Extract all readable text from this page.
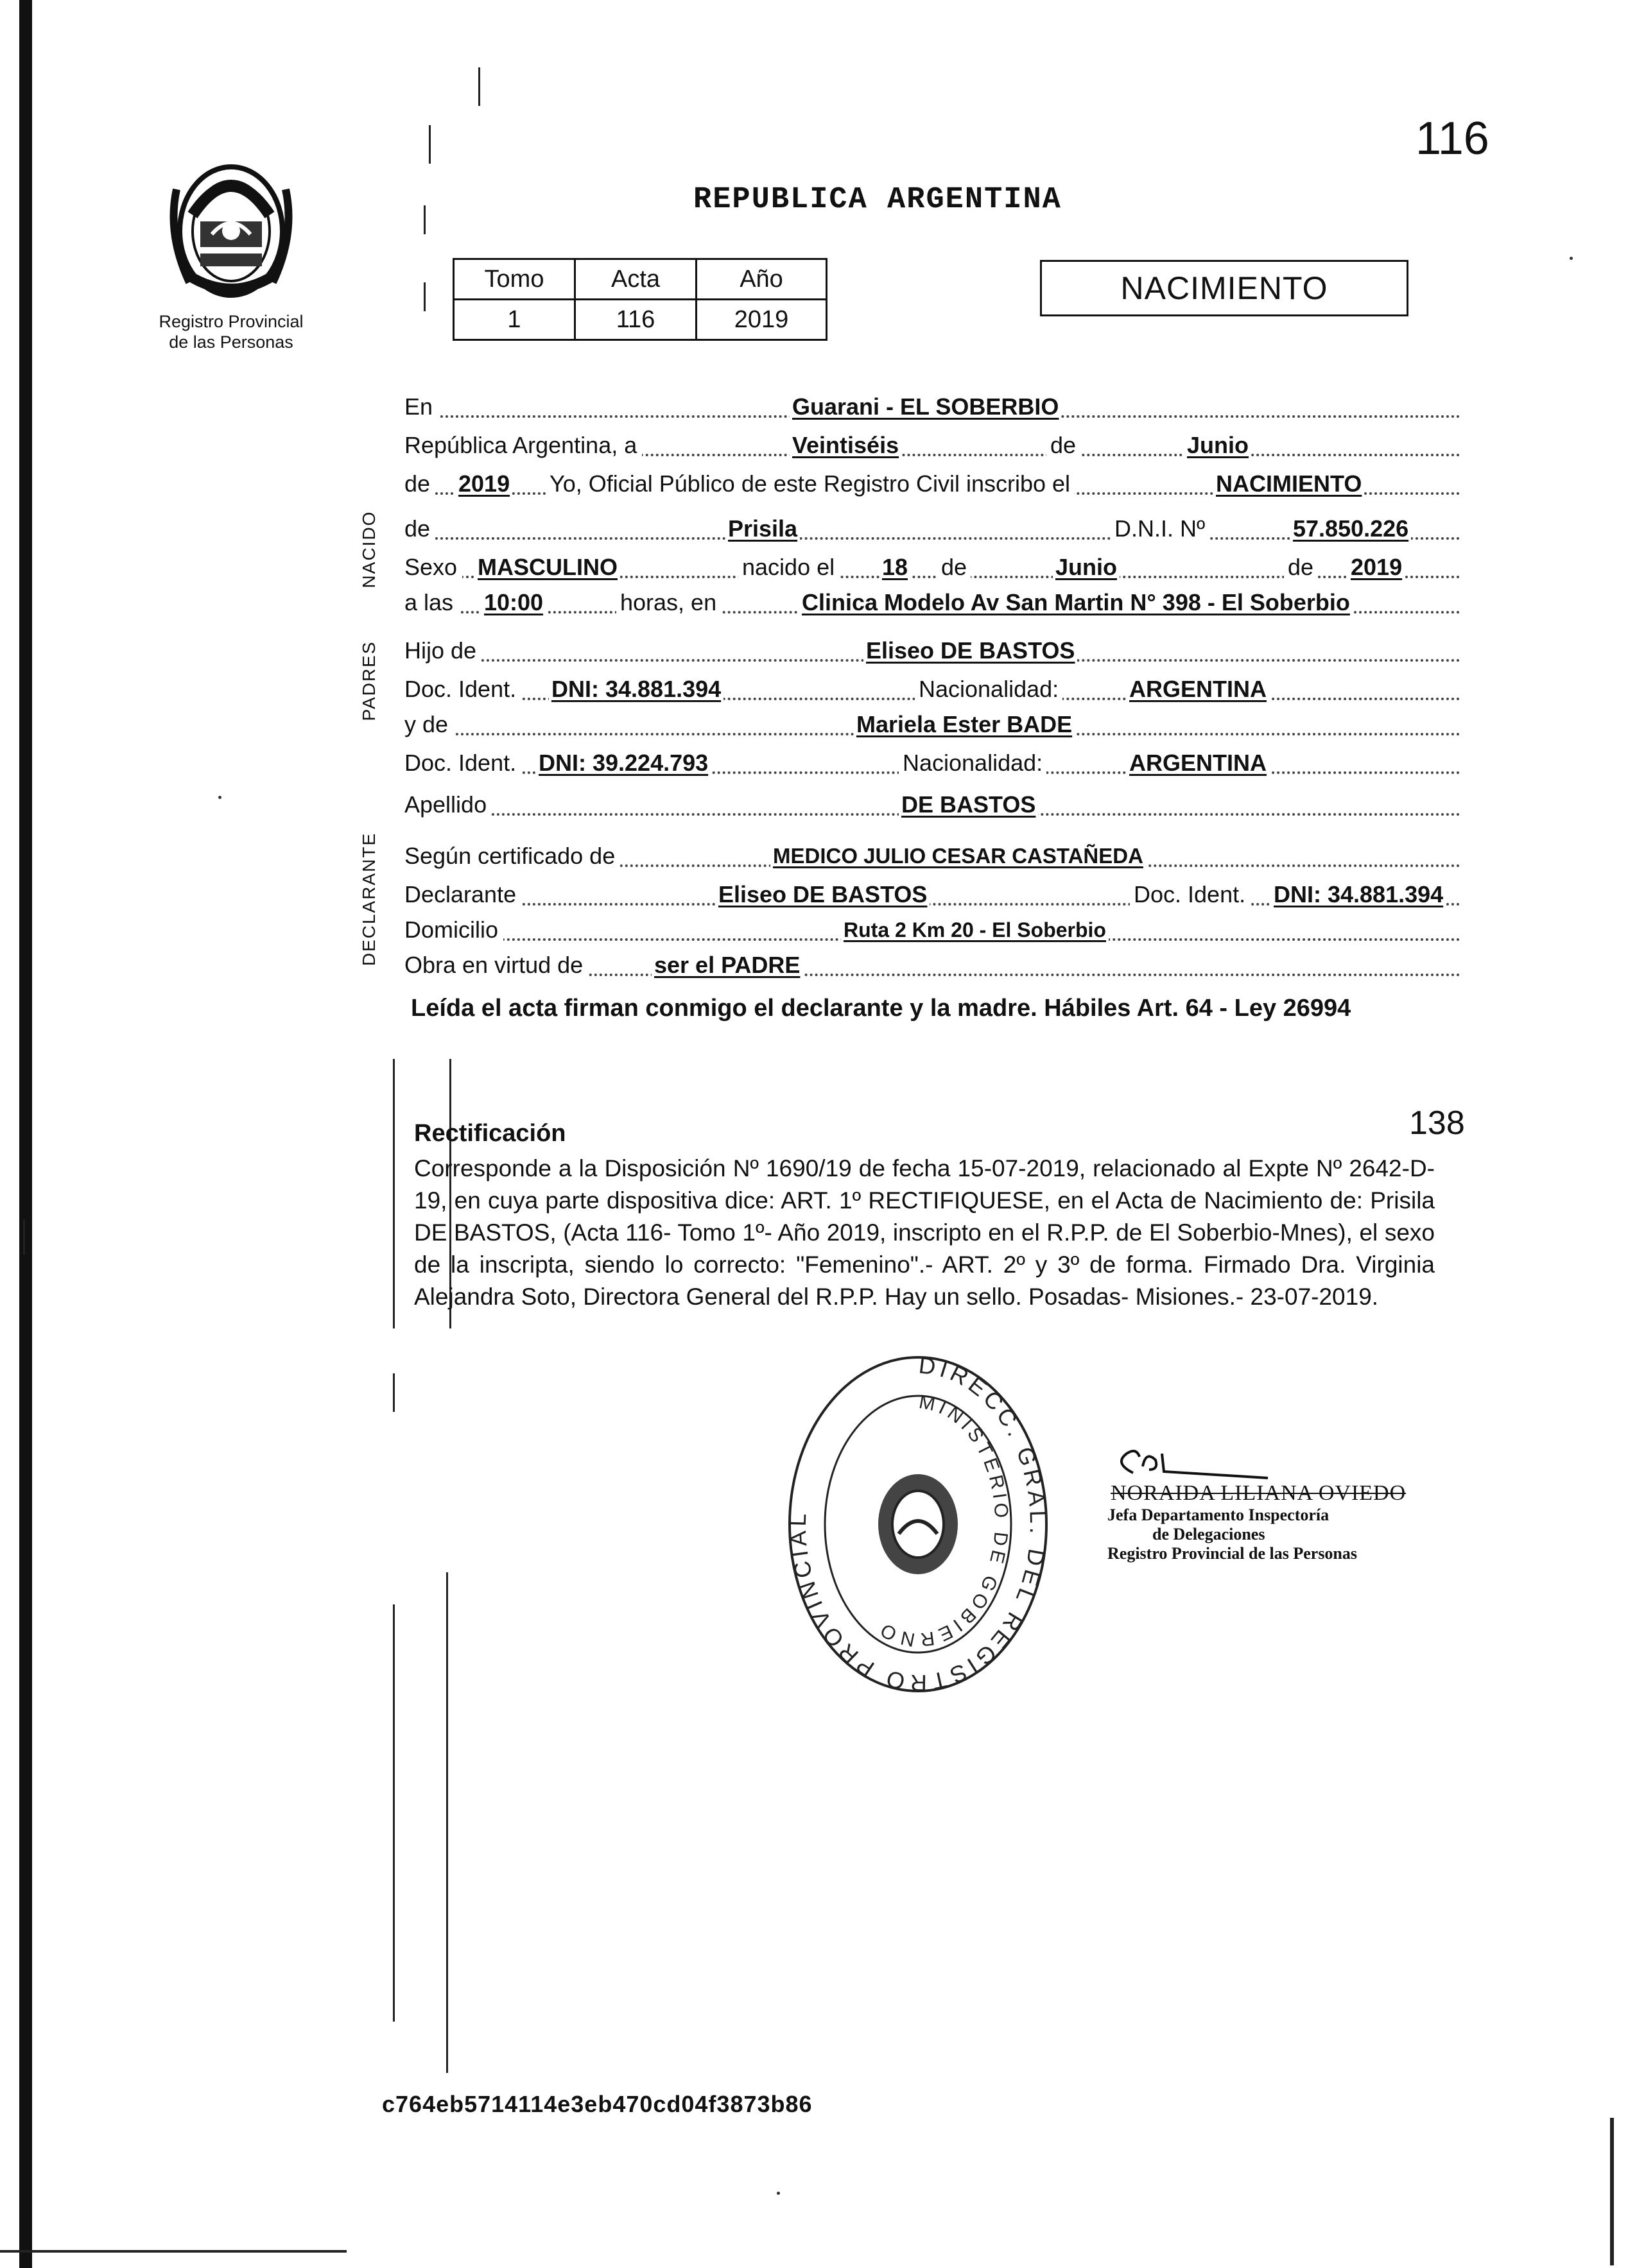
Registro Provincial
de las Personas
116
REPUBLICA ARGENTINA
Tomo	Acta	Año
1	116	2019
NACIMIENTO
NACIDO
PADRES
DECLARANTE
En	Guarani - EL SOBERBIO
República Argentina, a	Veintiséis	de	Junio
de 2019 Yo, Oficial Público de este Registro Civil inscribo el	NACIMIENTO
de	Prisila	D.N.I. Nº	57.850.226
Sexo MASCULINO	nacido el 18 de	Junio	de 2019
a las 10:00	horas, en	Clinica Modelo Av San Martin N° 398 - El Soberbio
Hijo de	Eliseo DE BASTOS
Doc. Ident. DNI: 34.881.394	Nacionalidad:	ARGENTINA
y de	Mariela Ester BADE
Doc. Ident. DNI: 39.224.793	Nacionalidad:	ARGENTINA
Apellido	DE BASTOS
Según certificado de	MEDICO JULIO CESAR CASTAÑEDA
Declarante	Eliseo DE BASTOS	Doc. Ident. DNI: 34.881.394
Domicilio	Ruta 2 Km 20 - El Soberbio
Obra en virtud de	ser el PADRE
Leída el acta firman conmigo el declarante y la madre. Hábiles Art. 64 - Ley 26994
Rectificación	138
Corresponde a la Disposición Nº 1690/19 de fecha 15-07-2019, relacionado al Expte Nº 2642-D-19, en cuya parte dispositiva dice: ART. 1º RECTIFIQUESE, en el Acta de Nacimiento de: Prisila DE BASTOS, (Acta 116- Tomo 1º- Año 2019, inscripto en el R.P.P. de El Soberbio-Mnes), el sexo de la inscripta, siendo lo correcto: "Femenino".- ART. 2º y 3º de forma. Firmado Dra. Virginia Alejandra Soto, Directora General del R.P.P. Hay un sello. Posadas- Misiones.- 23-07-2019.
DIRECC. GRAL. DEL REGISTRO PROVINCIAL
MINISTERIO DE GOBIERNO
NORAIDA LILIANA OVIEDO
Jefa Departamento Inspectoría
de Delegaciones
Registro Provincial de las Personas
c764eb5714114e3eb470cd04f3873b86
